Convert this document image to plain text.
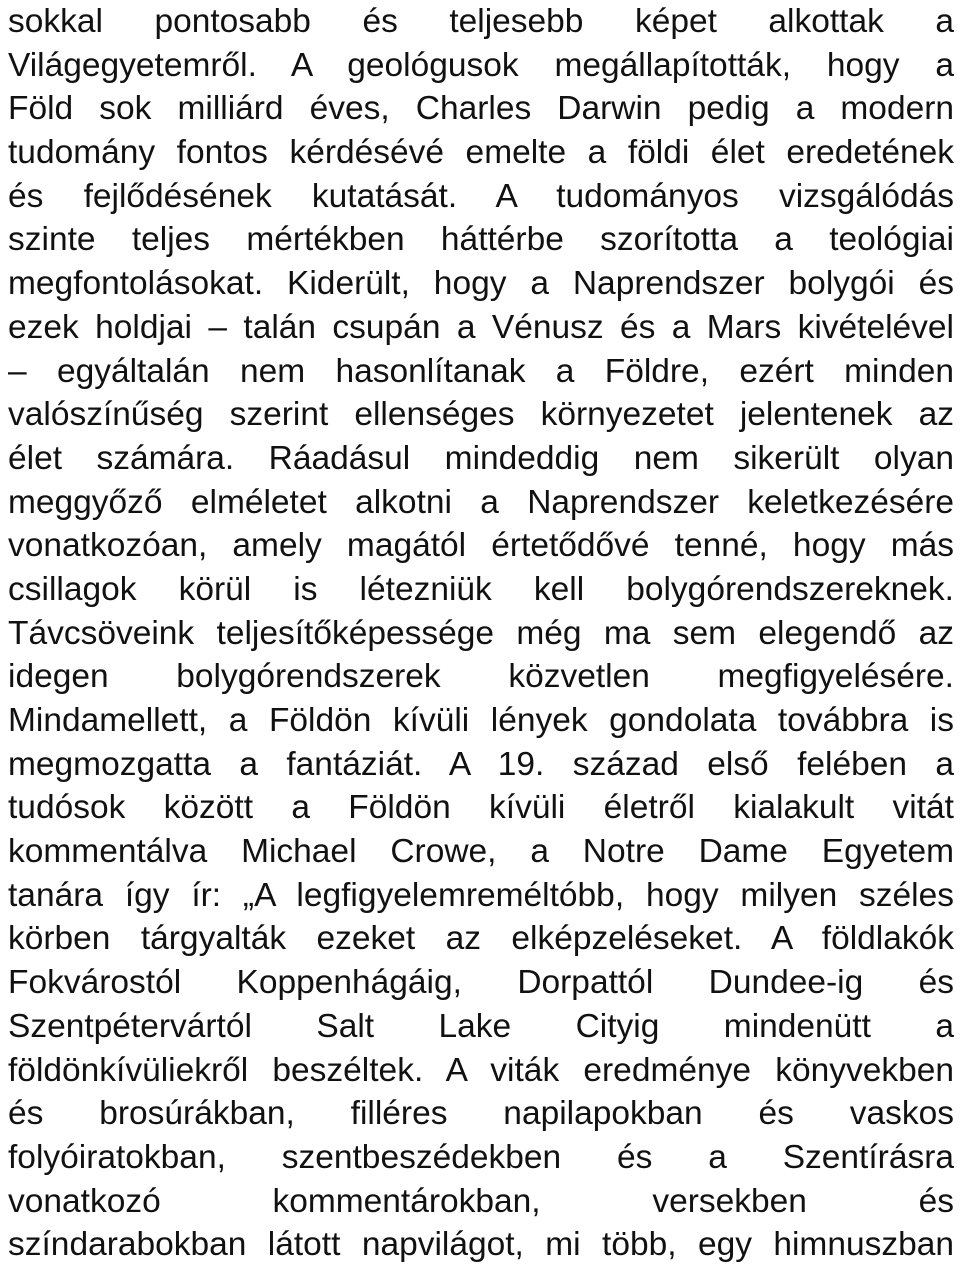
sokkal pontosabb és teljesebb képet alkottak a
Világegyetemről. A geológusok megállapították, hogy a
Föld sok milliárd éves, Charles Darwin pedig a modern
tudomány fontos kérdésévé emelte a földi élet eredetének
és fejlődésének kutatását. A tudományos vizsgálódás
szinte teljes mértékben háttérbe szorította a teológiai
megfontolásokat. Kiderült, hogy a Naprendszer bolygói és
ezek holdjai – talán csupán a Vénusz és a Mars kivételével
– egyáltalán nem hasonlítanak a Földre, ezért minden
valószínűség szerint ellenséges környezetet jelentenek az
élet számára. Ráadásul mindeddig nem sikerült olyan
meggyőző elméletet alkotni a Naprendszer keletkezésére
vonatkozóan, amely magától értetődővé tenné, hogy más
csillagok körül is létezniük kell bolygórendszereknek.
Távcsöveink teljesítőképessége még ma sem elegendő az
idegen bolygórendszerek közvetlen megfigyelésére.
Mindamellett, a Földön kívüli lények gondolata továbbra is
megmozgatta a fantáziát. A 19. század első felében a
tudósok között a Földön kívüli életről kialakult vitát
kommentálva Michael Crowe, a Notre Dame Egyetem
tanára így ír: „A legfigyelemreméltóbb, hogy milyen széles
körben tárgyalták ezeket az elképzeléseket. A földlakók
Fokvárostól Koppenhágáig, Dorpattól Dundee-ig és
Szentpétervártól Salt Lake Cityig mindenütt a
földönkívüliekről beszéltek. A viták eredménye könyvekben
és brosúrákban, filléres napilapokban és vaskos
folyóiratokban, szentbeszédekben és a Szentírásra
vonatkozó kommentárokban, versekben és
színdarabokban látott napvilágot, mi több, egy himnuszban
